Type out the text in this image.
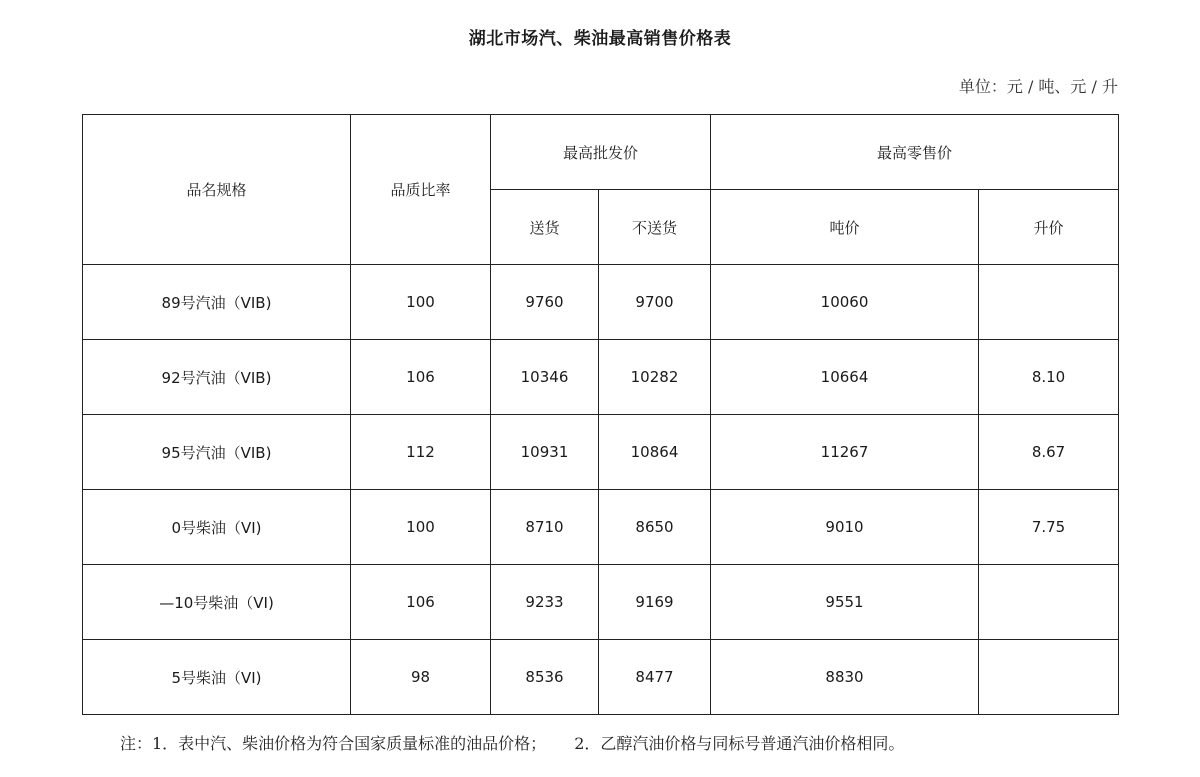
湖北市场汽、柴油最高销售价格表
单位：元 / 吨、元 / 升
品名规格	品质比率	最高批发价		最高零售价	
		送货	不送货	吨价	升价
89号汽油（VIB)	100	9760	9700	10060	
92号汽油（VIB)	106	10346	10282	10664	8.10
95号汽油（VIB)	112	10931	10864	11267	8.67
0号柴油（VI)	100	8710	8650	9010	7.75
—10号柴油（VI)	106	9233	9169	9551	
5号柴油（VI)	98	8536	8477	8830	
注：1．表中汽、柴油价格为符合国家质量标准的油品价格； 2．乙醇汽油价格与同标号普通汽油价格相同。
